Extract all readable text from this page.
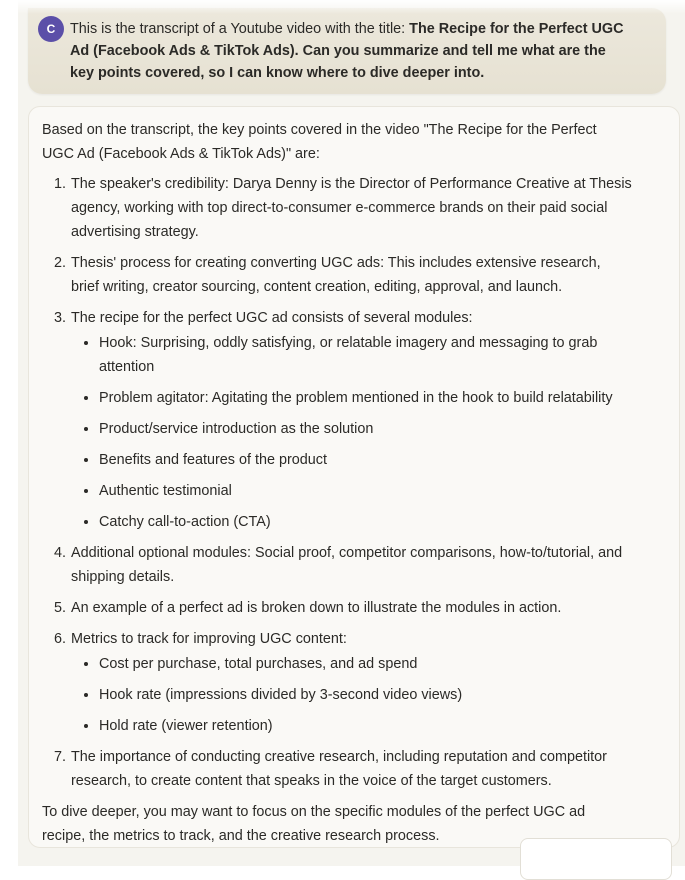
C	This is the transcript of a Youtube video with the title: The Recipe for the Perfect UGC Ad (Facebook Ads & TikTok Ads). Can you summarize and tell me what are the key points covered, so I can know where to dive deeper into.

Based on the transcript, the key points covered in the video "The Recipe for the Perfect UGC Ad (Facebook Ads & TikTok Ads)" are:

1. The speaker's credibility: Darya Denny is the Director of Performance Creative at Thesis agency, working with top direct-to-consumer e-commerce brands on their paid social advertising strategy.
2. Thesis' process for creating converting UGC ads: This includes extensive research, brief writing, creator sourcing, content creation, editing, approval, and launch.
3. The recipe for the perfect UGC ad consists of several modules:
• Hook: Surprising, oddly satisfying, or relatable imagery and messaging to grab attention
• Problem agitator: Agitating the problem mentioned in the hook to build relatability
• Product/service introduction as the solution
• Benefits and features of the product
• Authentic testimonial
• Catchy call-to-action (CTA)
4. Additional optional modules: Social proof, competitor comparisons, how-to/tutorial, and shipping details.
5. An example of a perfect ad is broken down to illustrate the modules in action.
6. Metrics to track for improving UGC content:
• Cost per purchase, total purchases, and ad spend
• Hook rate (impressions divided by 3-second video views)
• Hold rate (viewer retention)
7. The importance of conducting creative research, including reputation and competitor research, to create content that speaks in the voice of the target customers.

To dive deeper, you may want to focus on the specific modules of the perfect UGC ad recipe, the metrics to track, and the creative research process.
